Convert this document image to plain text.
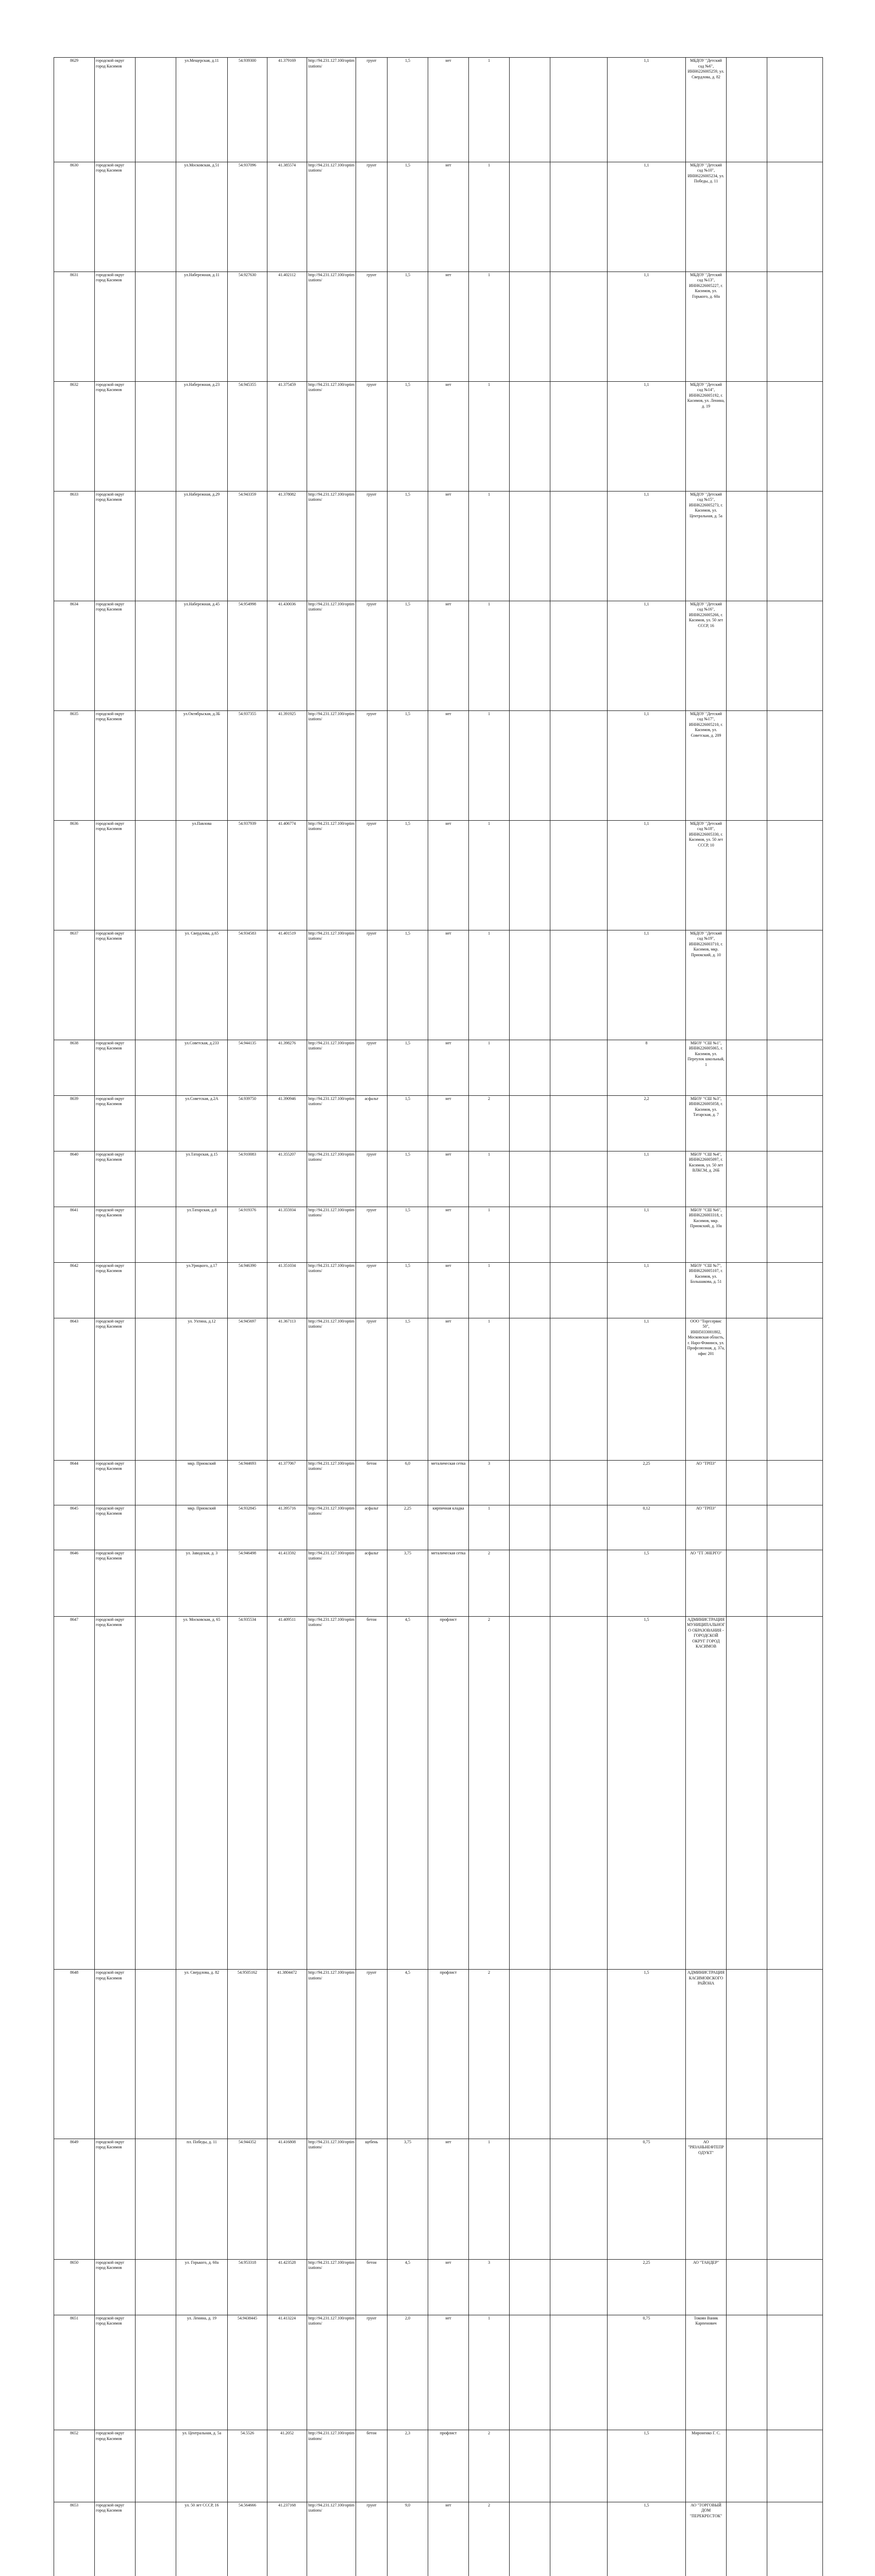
8629	городской округ город Касимов		ул.Мещерская, д.11	54.939300	41.379169	http://94.231.127.100/optimizations/	грунт	1,5	нет	1			1,1	МБДОУ "Детский сад №6", ИНН6226005259, ул. Свердлова, д. 82			
8630	городской округ город Касимов		ул.Московская, д.51	54.937096	41.385574	http://94.231.127.100/optimizations/	грунт	1,5	нет	1			1,1	МБДОУ "Детский сад №10", ИНН6226005234, ул. Победы, д. 11			
8631	городской округ город Касимов		ул.Набережная, д.11	54.927630	41.402112	http://94.231.127.100/optimizations/	грунт	1,5	нет	1			1,1	МБДОУ "Детский сад №13", ИНН6226005227, г. Касимов, ул. Горького, д. 60а			
8632	городской округ город Касимов		ул.Набережная, д.23	54.945355	41.375459	http://94.231.127.100/optimizations/	грунт	1,5	нет	1			1,1	МБДОУ "Детский сад №14", ИНН6226005192, г. Касимов, ул. Ленина, д. 19			
8633	городской округ город Касимов		ул.Набережная, д.29	54.943359	41.378082	http://94.231.127.100/optimizations/	грунт	1,5	нет	1			1,1	МБДОУ "Детский сад №15", ИНН6226005273, г. Касимов, ул. Центральная, д. 5а			
8634	городской округ город Касимов		ул.Набережная, д.45	54.954998	41.430036	http://94.231.127.100/optimizations/	грунт	1,5	нет	1			1,1	МБДОУ "Детский сад №16", ИНН6226005266, г. Касимов, ул. 50 лет СССР, 16			
8635	городской округ город Касимов		ул.Октябрьская, д.3Б	54.937355	41.391925	http://94.231.127.100/optimizations/	грунт	1,5	нет	1			1,1	МБДОУ "Детский сад №17", ИНН6226005210, г. Касимов, ул. Советская, д. 209			
8636	городской округ город Касимов		ул.Павлова	54.937939	41.406774	http://94.231.127.100/optimizations/	грунт	1,5	нет	1			1,1	МБДОУ "Детский сад №18", ИНН6226005330, г. Касимов, ул. 50 лет СССР, 10			
8637	городской округ город Касимов		ул. Свердлова, д.65	54.934583	41.401519	http://94.231.127.100/optimizations/	грунт	1,5	нет	1			1,1	МБДОУ "Детский сад №19", ИНН6226003710, г. Касимов, мкр. Приокский, д. 10			
8638	городской округ город Касимов		ул.Советская, д.233	54.944135	41.398276	http://94.231.127.100/optimizations/	грунт	1,5	нет	1			8	МБОУ "СШ №1", ИНН6226005065, г. Касимов, ул. Переулок школьный, 1			
8639	городской округ город Касимов		ул.Советская, д.2А	54.939750	41.390946	http://94.231.127.100/optimizations/	асфальт	1,5	нет	2			2,2	МБОУ "СШ №3", ИНН6226005058, г. Касимов, ул. Татарская, д. 7			
8640	городской округ город Касимов		ул.Татарская, д.15	54.910083	41.355207	http://94.231.127.100/optimizations/	грунт	1,5	нет	1			1,1	МБОУ "СШ №4", ИНН6226005097, г. Касимов, ул. 50 лет ВЛКСМ, д. 26Б			
8641	городской округ город Касимов		ул.Татарская, д.8	54.919376	41.355934	http://94.231.127.100/optimizations/	грунт	1,5	нет	1			1,1	МБОУ "СШ №6", ИНН6226003318, г. Касимов, мкр. Приокский, д. 10а			
8642	городской округ город Касимов		ул.Урицкого, д.17	54.946390	41.351034	http://94.231.127.100/optimizations/	грунт	1,5	нет	1			1,1	МБОУ "СШ №7", ИНН6226005107, г. Касимов, ул. Большакова, д. 51			
8643	городской округ город Касимов		ул. Ухтина, д.12	54.945697	41.367113	http://94.231.127.100/optimizations/	грунт	1,5	нет	1			1,1	ООО "Торгсервис 50", ИНН5033001802, Московская область, г. Наро-Фоминск, ул. Профсоюзная, д. 37а, офис 201			
8644	городской округ город Касимов		мкр. Приокский	54.944693	41.377067	http://94.231.127.100/optimizations/	бетон	6,0	металическая сетка	3			2,25	АО "ТРПЗ"			
8645	городской округ город Касимов		мкр. Приокский	54.932845	41.395716	http://94.231.127.100/optimizations/	асфальт	2,25	кирпичная кладка	1			0,12	АО "ТРПЗ"			
8646	городской округ город Касимов		ул. Заводская, д. 3	54.946498	41.413592	http://94.231.127.100/optimizations/	асфальт	3,75	металическая сетка	2			1,5	АО "ТТ ЭНЕРГО"			
8647	городской округ город Касимов		ул. Московская, д. 65	54.935534	41.409511	http://94.231.127.100/optimizations/	бетон	4,5	профлист	2			1,5	АДМИНИСТРАЦИЯ МУНИЦИПАЛЬНОГО ОБРАЗОВАНИЯ - ГОРОДСКОЙ ОКРУГ ГОРОД КАСИМОВ			
8648	городской округ город Касимов		ул. Свердлова, д. 82	54.9505162	41.3804472	http://94.231.127.100/optimizations/	грунт	4,5	профлист	2			1,5	АДМИНИСТРАЦИЯ КАСИМОВСКОГО РАЙОНА			
8649	городской округ город Касимов		пл. Победы, д. 11	54.944352	41.416808	http://94.231.127.100/optimizations/	щебень	3,75	нет	1			0,75	АО "РЯЗАНЬНЕФТЕПРОДУКТ"			
8650	городской округ город Касимов		ул. Горького, д. 60а	54.953318	41.423528	http://94.231.127.100/optimizations/	бетон	4,5	нет	3			2,25	АО "ТАНДЕР"			
8651	городской округ город Касимов		ул. Ленина, д. 19	54.9438445	41.413224	http://94.231.127.100/optimizations/	грунт	2,0	нет	1			0,75	Токоян Ваник Карпенович			
8652	городской округ город Касимов		ул. Центральная, д. 5а	54.5526	41.2052	http://94.231.127.100/optimizations/	бетон	2,3	профлист	2			1,5	Мироненко Г. С.			
8653	городской округ город Касимов		ул. 50 лет СССР, 16	54.564666	41.237168	http://94.231.127.100/optimizations/	грунт	9,0	нет	2			1,5	АО "ТОРГОВЫЙ ДОМ "ПЕРЕКРЕСТОК"			
